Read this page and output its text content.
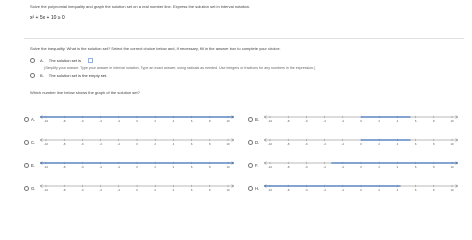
Solve the polynomial inequality and graph the solution set on a real number line. Express the solution set in interval notation.
x² + 5x + 10 ≥ 0
Solve the inequality. What is the solution set? Select the correct choice below and, if necessary, fill in the answer box to complete your choice.
A. The solution set is
(Simplify your answer. Type your answer in interval notation. Type an exact answer, using radicals as needed. Use integers or fractions for any numbers in the expression.)
B. The solution set is the empty set.
Which number line below shows the graph of the solution set?
A.	-10	-8	-6	-4	-2	0	2	4	6	8	10	B.	-10	-8	-6	-4	-2	0	2	4	6	8	10
C.	-10	-8	-6	-4	-2	0	2	4	6	8	10	D.	-10	-8	-6	-4	-2	0	2	4	6	8	10
E.	-10	-8	-6	-4	-2	0	2	4	6	8	10	F.	-10	-8	-6	-4	-2	0	2	4	6	8	10
G.	-10	-8	-6	-4	-2	0	2	4	6	8	10	H.	-10	-8	-6	-4	-2	0	2	4	6	8	10
